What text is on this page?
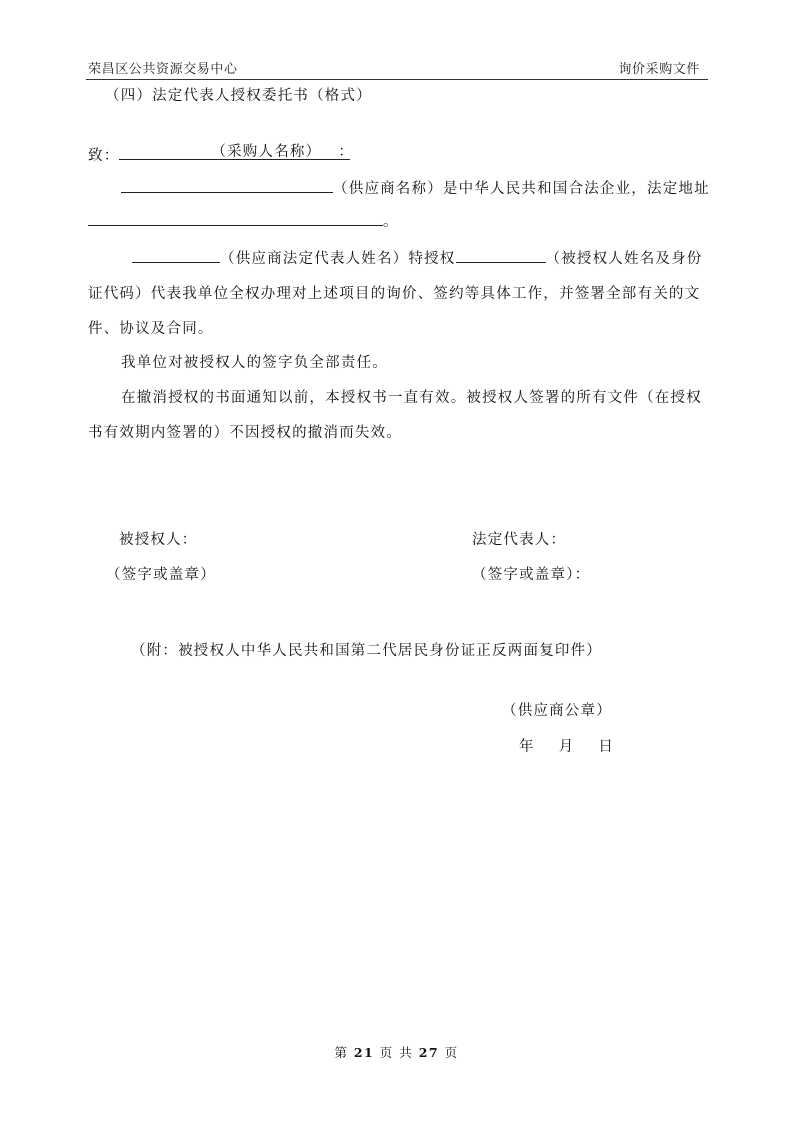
荣昌区公共资源交易中心	询价采购文件
（四）法定代表人授权委托书（格式）
致：	（采购人名称） ：
（供应商名称）是中华人民共和国合法企业，法定地址
。
（供应商法定代表人姓名）特授权	（被授权人姓名及身份
证代码）代表我单位全权办理对上述项目的询价、签约等具体工作，并签署全部有关的文
件、协议及合同。
我单位对被授权人的签字负全部责任。
在撤消授权的书面通知以前，本授权书一直有效。被授权人签署的所有文件（在授权
书有效期内签署的）不因授权的撤消而失效。
被授权人：
（签字或盖章）
法定代表人：
（签字或盖章）：
（附：被授权人中华人民共和国第二代居民身份证正反两面复印件）
（供应商公章）
年 月 日
第 21 页 共 27 页
